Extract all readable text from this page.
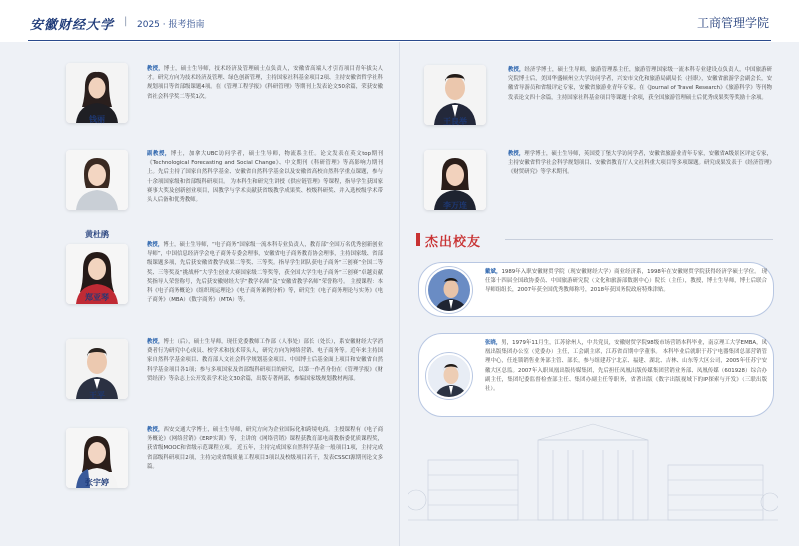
安徽财经大学 | 2025 · 报考指南	工商管理学院
钱丽
教授，博士，硕士生导师，技术经济及管理硕士点负责人，安徽省高端人才引育项目青年拔尖人才。研究方向为技术经济及管理、绿色创新管理，主持国家社科基金项目2项、主持安徽省哲学社科规划项目等省部级课题4项。在《管理工程学报》《科研管理》等期刊上发表论文50余篇，荣获安徽省社会科学奖二等奖1次。
黄杜鹃
副教授，博士，加拿大UBC访问学者，硕士生导师，物流系主任。论文发表在英文top期刊《Technological Forecasting and Social Change》、中文期刊《科研管理》等高影响力期刊上。先后主持了国家自然科学基金、安徽省自然科学基金以及安徽省高校自然科学重点课题，参与十余项国家级和省部级科研项目。 为本科生和研究生讲授《供应链管理》等课程，指导学生获国家赛事大奖及创新创业项目，因教学与学术贡献获省级教学成果奖、校级科研奖、并入选校级学术带头人后备和优秀教师。
郑亚琴
教授，博士，硕士生导师，“电子商务”国家级一流本科专业负责人，教育部“全国万名优秀创新创业导师”，中国信息经济学会电子商务专委会理事，安徽省电子商务教育协会理事，主持国家级、省部级课题多项，先后获安徽省教学成果二等奖、三等奖。指导学生团队获电子商务“三创赛”全国二等奖、三等奖及“挑战杯”大学生创业大赛国家级二等奖等，获全国大学生电子商务“三创赛”卓越贡献奖指导人荣誉称号，先后获安徽财经大学“教学名师”及“安徽省教学名师”荣誉称号。 主授课程：本科《电子商务概论》《组织现运理论》《电子商务案例分析》等，研究生《电子商务理论与实务》《电子商务》（MBA）《数字商务》（MTA）等。
王平
教授，博士（后），硕士生导师，现任党委教师工作部（人事处）部长（处长），系安徽财经大学消费者行为研究中心成员、校学术和技术带头人，研究方向为网络营销、电子商务等。近年来主持国家自然科学基金项目、教育部人文社会科学规划基金项目、中国博士后基金面上项目和安徽省自然科学基金项目各1项；参与多项国家及省部级科研项目的研究，以第一作者身份在《管理学报》《财贸经济》等杂志上公开发表学术论文30余篇，出版专著两部，参编国家级规划教材两部。
张宇婷
教授，西安交通大学博士，硕士生导师，研究方向为企业国际化和跨境电商。主授课程有《电子商务概论》《网络营销》《ERP实训》等，主讲的《网络营销》课程获教育部电商教指委优质课程奖，获省级MOOC和省级示范课程立项。 近五年，主持完成国家自然科学基金一般项目1项，主持完成省部级科研项目2项，主持完成省级质量工程项目3项以及校级项目若干，发表CSSCI源期刊论文多篇。
王良举
教授，经济学博士，硕士生导师，旅游管理系主任，旅游管理国家级一流本科专业建设点负责人，中国旅游研究院博士后，美国华盛顿州立大学访问学者，兴安市文化和旅游局副局长（挂职），安徽省旅游学会副会长，安徽省导游员和省级评定专家，安徽省旅游业青年专家。在《Journal of Travel Research》《旅游科学》等刊物发表论文四十余篇，主持国家社科基金项目等课题十余项，获全国旅游管理硕士后优秀成果奖等奖励十余项。
李万连
教授，理学博士，硕士生导师，英国爱丁堡大学访问学者，安徽省旅游业青年专家，安徽省A级景区评定专家，主持安徽省哲学社会科学规划项目、安徽省教育厅人文社科重大项目等多项课题。研究成果发表于《经济管理》《财贸研究》等学术期刊。
杰出校友
戴斌，1989年入职安徽财贸学院（现安徽财经大学）商业经济系，1998年在安徽财贸学院获得经济学硕士学位。 现任第十四届全国政协委员、中国旅游研究院（文化和旅游部数据中心）院长（主任），教授，博士生导师，博士后联合导师组组长，2007年获全国优秀教师称号，2018年获国务院政府特殊津贴。
张晓，男，1979年11月生，江苏徐州人，中共党员，安徽财贸学院98级市场营销本科毕业，南京理工大学EMBA，凤凰出版集团办公室（党委办）主任，工会副主席，江苏省首期中学董事。 本科毕业后就职于苏宁电器集团总部营销管理中心，任连锁销售业务部主管、部长，参与组建苏宁北京、福建、湖北、吉林、山东等大区公司，2005年任苏宁安徽大区总监。2007年入职凤凰出版传媒集团，先后担任凤凰出版传媒集团营销业务部、凤凰传媒（601928）综合办副主任，集团纪委监督检查部主任、集团办副主任等职务，省著出版《数字出版视域下的IP探索与开发》（三联出版社）。
